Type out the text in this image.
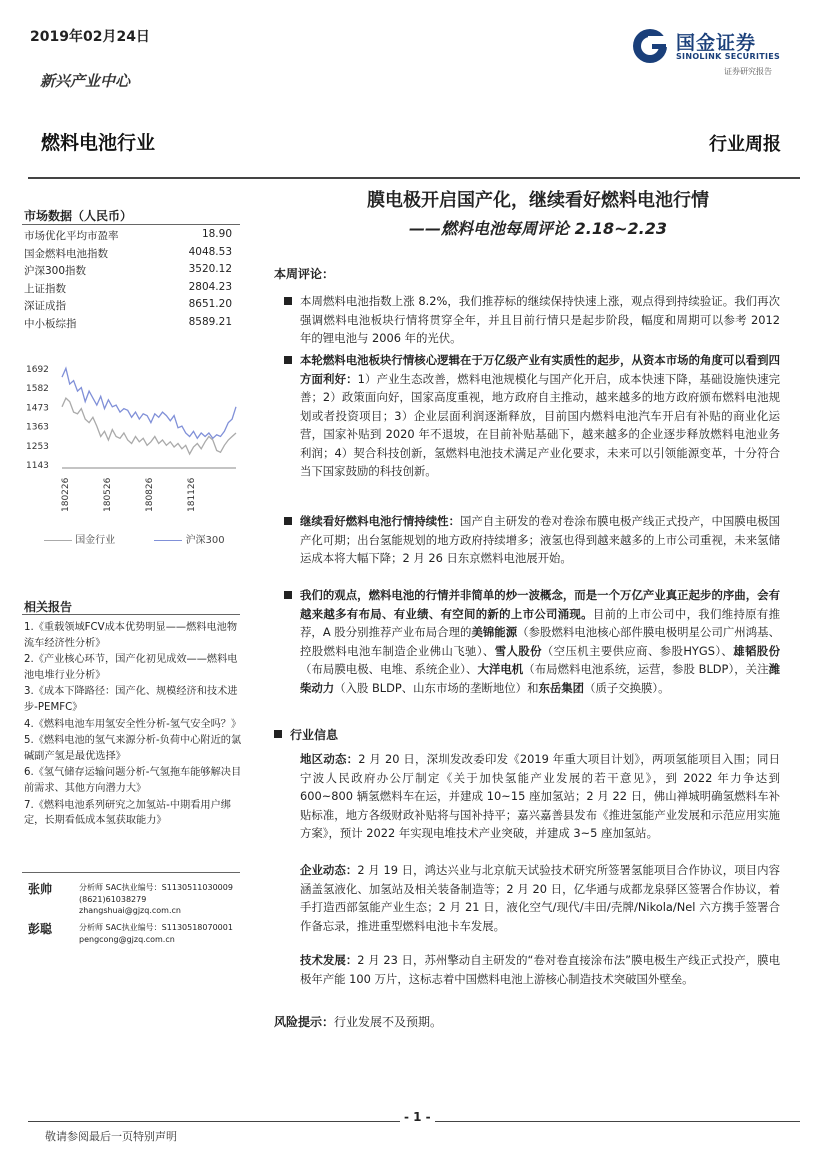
2019年02月24日
新兴产业中心
燃料电池行业	行业周报
国金证券
SINOLINK SECURITIES
证券研究报告
膜电极开启国产化，继续看好燃料电池行情
——燃料电池每周评论 2.18~2.23
市场数据（人民币）
市场优化平均市盈率	18.90
国金燃料电池指数	4048.53
沪深300指数	3520.12
上证指数	2804.23
深证成指	8651.20
中小板综指	8589.21
1692
1582
1473
1363
1253
1143
180226	180526	180826	181126
国金行业	沪深300
相关报告
1.《重载领域FCV成本优势明显——燃料电池物流车经济性分析》
2.《产业核心环节，国产化初见成效——燃料电池电堆行业分析》
3.《成本下降路径：国产化、规模经济和技术进步-PEMFC》
4.《燃料电池车用氢安全性分析-氢气安全吗？》
5.《燃料电池的氢气来源分析-负荷中心附近的氯碱副产氢是最优选择》
6.《氢气储存运输问题分析-气氢拖车能够解决目前需求、其他方向潜力大》
7.《燃料电池系列研究之加氢站-中期看用户绑定，长期看低成本氢获取能力》
张帅	分析师 SAC执业编号：S1130511030009
(8621)61038279
zhangshuai@gjzq.com.cn
彭聪	分析师 SAC执业编号：S1130518070001
pengcong@gjzq.com.cn
本周评论：
本周燃料电池指数上涨 8.2%，我们推荐标的继续保持快速上涨，观点得到持续验证。我们再次强调燃料电池板块行情将贯穿全年，并且目前行情只是起步阶段，幅度和周期可以参考 2012 年的锂电池与 2006 年的光伏。
本轮燃料电池板块行情核心逻辑在于万亿级产业有实质性的起步，从资本市场的角度可以看到四方面利好：1）产业生态改善，燃料电池规模化与国产化开启，成本快速下降，基础设施快速完善；2）政策面向好，国家高度重视，地方政府自主推动，越来越多的地方政府颁布燃料电池规划或者投资项目；3）企业层面利润逐渐释放，目前国内燃料电池汽车开启有补贴的商业化运营，国家补贴到 2020 年不退坡，在目前补贴基础下，越来越多的企业逐步释放燃料电池业务利润；4）契合科技创新，氢燃料电池技术满足产业化要求，未来可以引领能源变革，十分符合当下国家鼓励的科技创新。
继续看好燃料电池行情持续性：国产自主研发的卷对卷涂布膜电极产线正式投产，中国膜电极国产化可期；出台氢能规划的地方政府持续增多；液氢也得到越来越多的上市公司重视，未来氢储运成本将大幅下降；2 月 26 日东京燃料电池展开始。
我们的观点，燃料电池的行情并非简单的炒一波概念，而是一个万亿产业真正起步的序曲，会有越来越多有布局、有业绩、有空间的新的上市公司涌现。目前的上市公司中，我们维持原有推荐，A 股分别推荐产业布局合理的美锦能源（参股燃料电池核心部件膜电极明星公司广州鸿基、控股燃料电池车制造企业佛山飞驰）、雪人股份（空压机主要供应商、参股HYGS）、雄韬股份（布局膜电极、电堆、系统企业）、大洋电机（布局燃料电池系统，运营，参股 BLDP），关注潍柴动力（入股 BLDP、山东市场的垄断地位）和东岳集团（质子交换膜）。
行业信息
地区动态：2 月 20 日，深圳发改委印发《2019 年重大项目计划》，两项氢能项目入围；同日宁波人民政府办公厅制定《关于加快氢能产业发展的若干意见》，到 2022 年力争达到 600~800 辆氢燃料车在运，并建成 10~15 座加氢站；2 月 22 日，佛山禅城明确氢燃料车补贴标准，地方各级财政补贴将与国补持平；嘉兴嘉善县发布《推进氢能产业发展和示范应用实施方案》，预计 2022 年实现电堆技术产业突破，并建成 3~5 座加氢站。
企业动态：2 月 19 日，鸿达兴业与北京航天试验技术研究所签署氢能项目合作协议，项目内容涵盖氢液化、加氢站及相关装备制造等；2 月 20 日，亿华通与成都龙泉驿区签署合作协议，着手打造西部氢能产业生态；2 月 21 日，液化空气/现代/丰田/壳牌/Nikola/Nel 六方携手签署合作备忘录，推进重型燃料电池卡车发展。
技术发展：2 月 23 日，苏州擎动自主研发的“卷对卷直接涂布法”膜电极生产线正式投产，膜电极年产能 100 万片，这标志着中国燃料电池上游核心制造技术突破国外壁垒。
风险提示：行业发展不及预期。
- 1 -
敬请参阅最后一页特别声明
